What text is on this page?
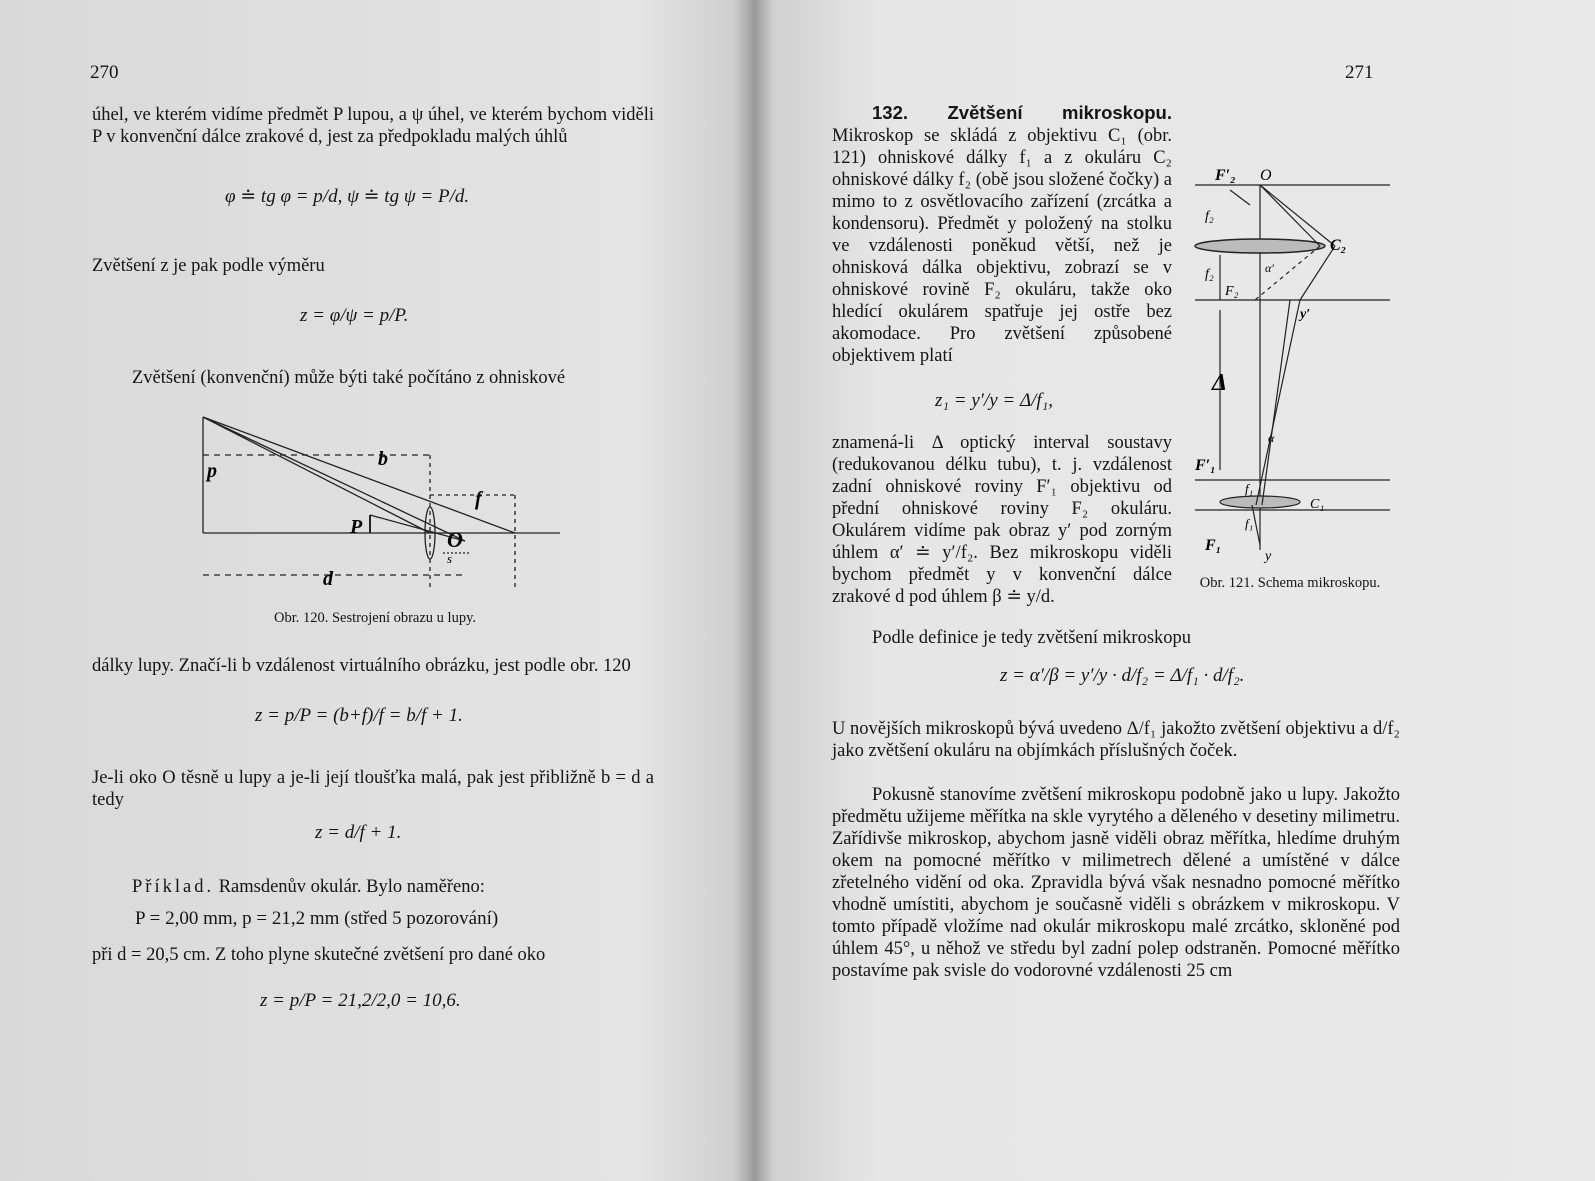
270

úhel, ve kterém vidíme předmět P lupou, a ψ úhel, ve kterém bychom viděli P v konvenční dálce zrakové d, jest za předpokladu malých úhlů

φ ≐ tg φ = p/d, ψ ≐ tg ψ = P/d.

Zvětšení z je pak podle výměru

z = φ/ψ = p/P.

Zvětšení (konvenční) může býti také počítáno z ohniskové

p
b
P
f
O
s
d
Obr. 120. Sestrojení obrazu u lupy.

dálky lupy. Značí-li b vzdálenost virtuálního obrázku, jest podle obr. 120

z = p/P = (b+f)/f = b/f + 1.

Je-li oko O těsně u lupy a je-li její tloušťka malá, pak jest přibližně b = d a tedy

z = d/f + 1.

Příklad. Ramsdenův okulár. Bylo naměřeno:

P = 2,00 mm, p = 21,2 mm (střed 5 pozorování)

při d = 20,5 cm. Z toho plyne skutečné zvětšení pro dané oko

z = p/P = 21,2/2,0 = 10,6.
271

132. Zvětšení mikroskopu. Mikroskop se skládá z objektivu C₁ (obr. 121) ohniskové dálky f₁ a z okuláru C₂ ohniskové dálky f₂ (obě jsou složené čočky) a mimo to z osvětlovacího zařízení (zrcátka a kondensoru). Předmět y položený na stolku ve vzdálenosti poněkud větší, než je ohnisková dálka objektivu, zobrazí se v ohniskové rovině F₂ okuláru, takže oko hledící okulárem spatřuje jej ostře bez akomodace. Pro zvětšení způsobené objektivem platí

z₁ = y′/y = Δ/f₁,

znamená-li Δ optický interval soustavy (redukovanou délku tubu), t. j. vzdálenost zadní ohniskové roviny F′₁ objektivu od přední ohniskové roviny F₂ okuláru. Okulárem vidíme pak obraz y′ pod zorným úhlem α′ ≐ y′/f₂. Bez mikroskopu viděli bychom předmět y v konvenční dálce zrakové d pod úhlem β ≐ y/d.

F′₂ O
f₂
C₂
α′
f₂
F₂
y′
Δ
α
F′₁
f₁
C₁
f₁
F₁
y
Obr. 121. Schema mikroskopu.

Podle definice je tedy zvětšení mikroskopu

z = α′/β = y′/y · d/f₂ = Δ/f₁ · d/f₂.

U novějších mikroskopů bývá uvedeno Δ/f₁ jakožto zvětšení objektivu a d/f₂ jako zvětšení okuláru na objímkách příslušných čoček.

Pokusně stanovíme zvětšení mikroskopu podobně jako u lupy. Jakožto předmětu užijeme měřítka na skle vyrytého a děleného v desetiny milimetru. Zařídivše mikroskop, abychom jasně viděli obraz měřítka, hledíme druhým okem na pomocné měřítko v milimetrech dělené a umístěné v dálce zřetelného vidění od oka. Zpravidla bývá však nesnadno pomocné měřítko vhodně umístiti, abychom je současně viděli s obrázkem v mikroskopu. V tomto případě vložíme nad okulár mikroskopu malé zrcátko, skloněné pod úhlem 45°, u něhož ve středu byl zadní polep odstraněn. Pomocné měřítko postavíme pak svisle do vodorovné vzdálenosti 25 cm
